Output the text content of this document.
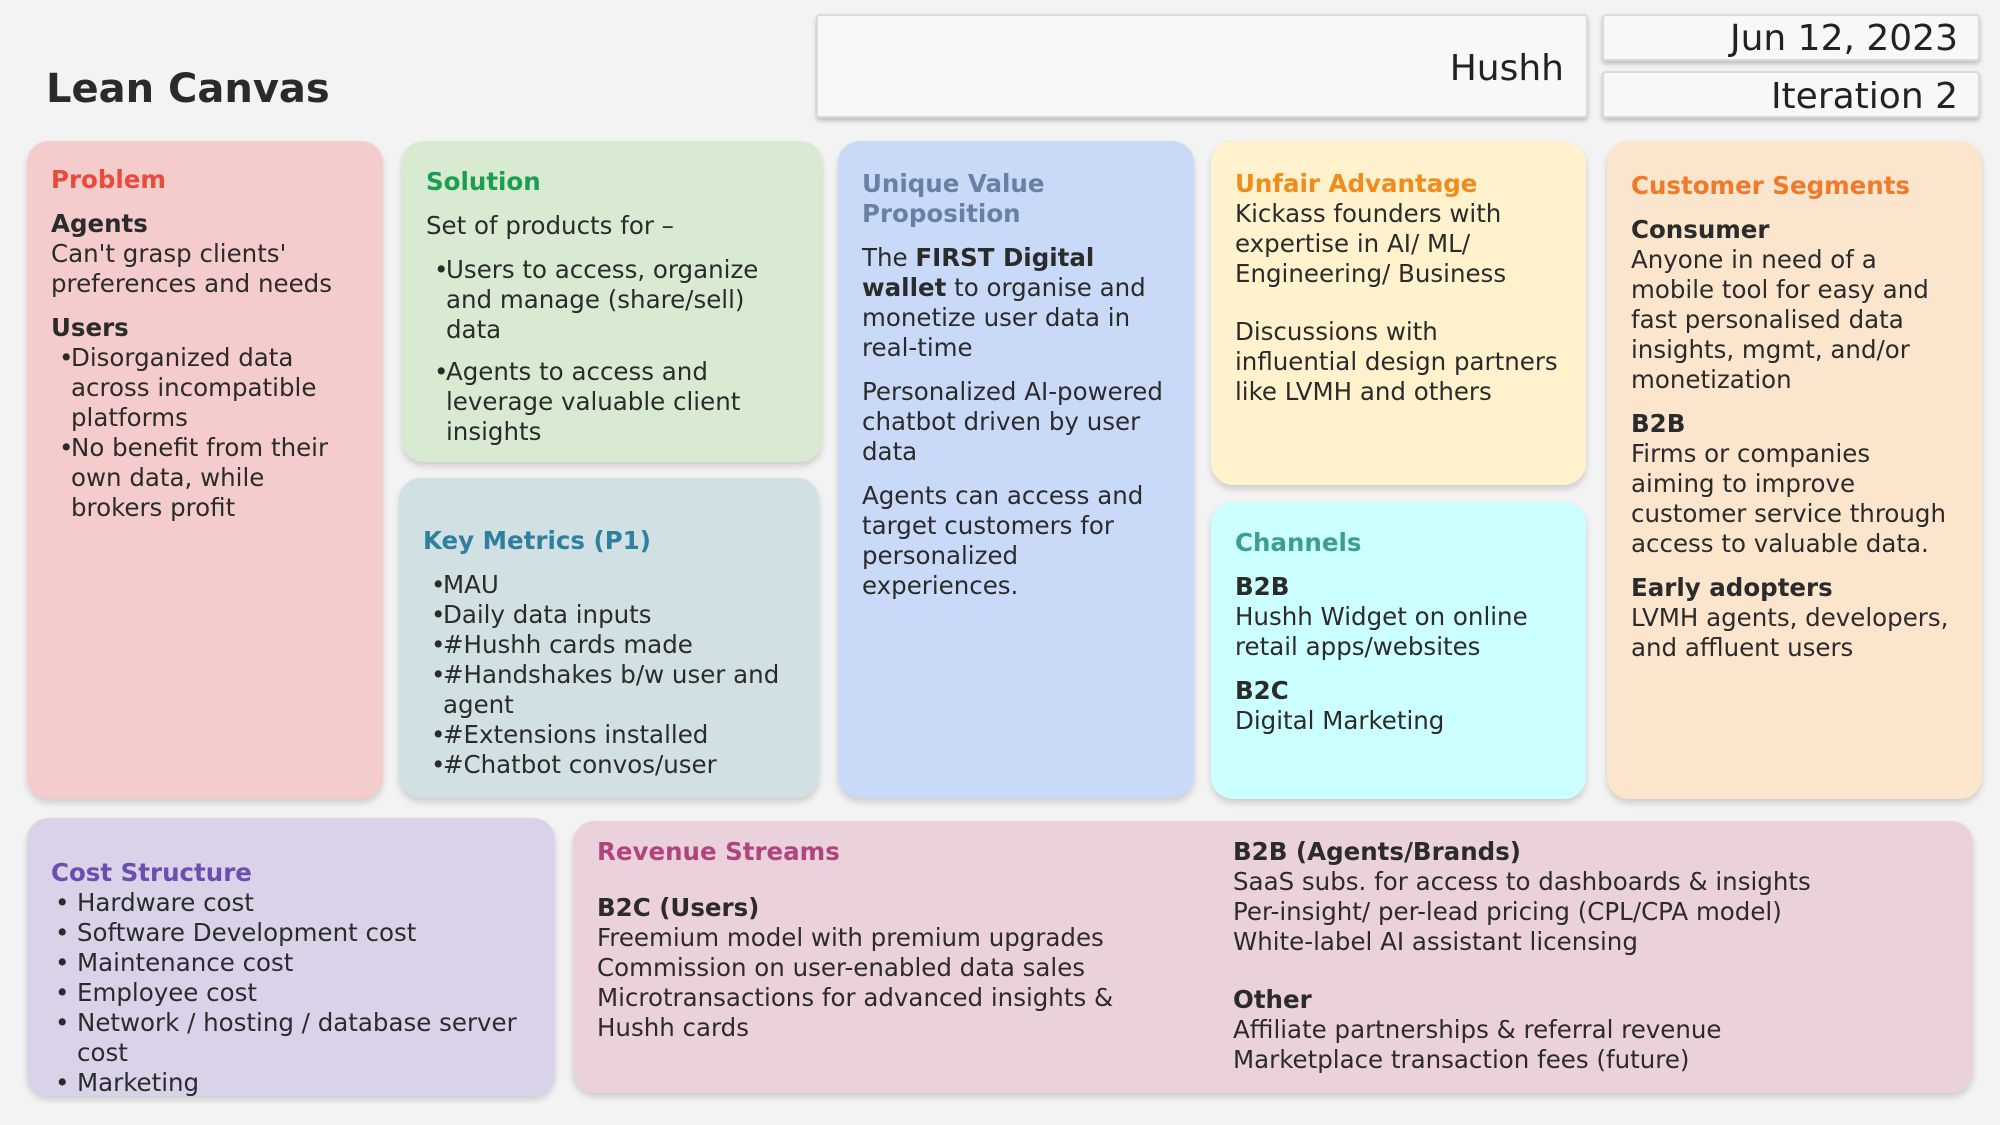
Lean Canvas	Hushh
Jun 12, 2023
Iteration 2
Problem
Agents
Can't grasp clients' preferences and needs
Users
• Disorganized data across incompatible platforms
• No benefit from their own data, while brokers profit
Solution
Set of products for –
• Users to access, organize and manage (share/sell) data
• Agents to access and leverage valuable client insights
Key Metrics (P1)
• MAU
• Daily data inputs
• #Hushh cards made
• #Handshakes b/w user and agent
• #Extensions installed
• #Chatbot convos/user
Unique Value Proposition
The FIRST Digital wallet to organise and monetize user data in real-time
Personalized AI-powered chatbot driven by user data
Agents can access and target customers for personalized experiences.
Unfair Advantage
Kickass founders with expertise in AI/ ML/ Engineering/ Business
Discussions with influential design partners like LVMH and others
Channels
B2B
Hushh Widget on online retail apps/websites
B2C
Digital Marketing
Customer Segments
Consumer
Anyone in need of a mobile tool for easy and fast personalised data insights, mgmt, and/or monetization
B2B
Firms or companies aiming to improve customer service through access to valuable data.
Early adopters
LVMH agents, developers, and affluent users
Cost Structure
• Hardware cost
• Software Development cost
• Maintenance cost
• Employee cost
• Network / hosting / database server cost
• Marketing
Revenue Streams
B2C (Users)
Freemium model with premium upgrades
Commission on user-enabled data sales
Microtransactions for advanced insights & Hushh cards
B2B (Agents/Brands)
SaaS subs. for access to dashboards & insights
Per-insight/ per-lead pricing (CPL/CPA model)
White-label AI assistant licensing
Other
Affiliate partnerships & referral revenue
Marketplace transaction fees (future)
